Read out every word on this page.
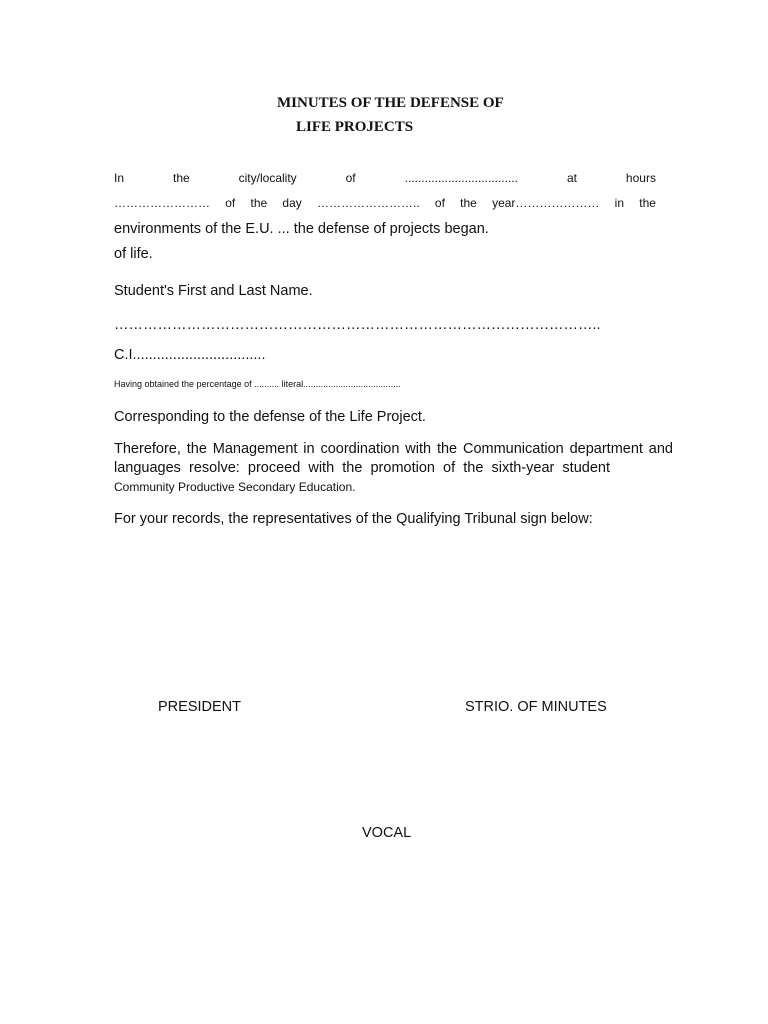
MINUTES OF THE DEFENSE OF
LIFE PROJECTS
In	the	city/locality	of	..................................	at	hours
…………………… of the day …………………….. of the year………………… in the
environments of the E.U. ... the defense of projects began.
of life.
Student's First and Last Name.
………………………………………………………………………………………..
C.I.................................
Having obtained the percentage of .......... literal.......................................
Corresponding to the defense of the Life Project.
Therefore, the Management in coordination with the Communication department and
languages resolve: proceed with the promotion of the sixth-year student
Community Productive Secondary Education.
For your records, the representatives of the Qualifying Tribunal sign below:
PRESIDENT	STRIO. OF MINUTES
VOCAL
